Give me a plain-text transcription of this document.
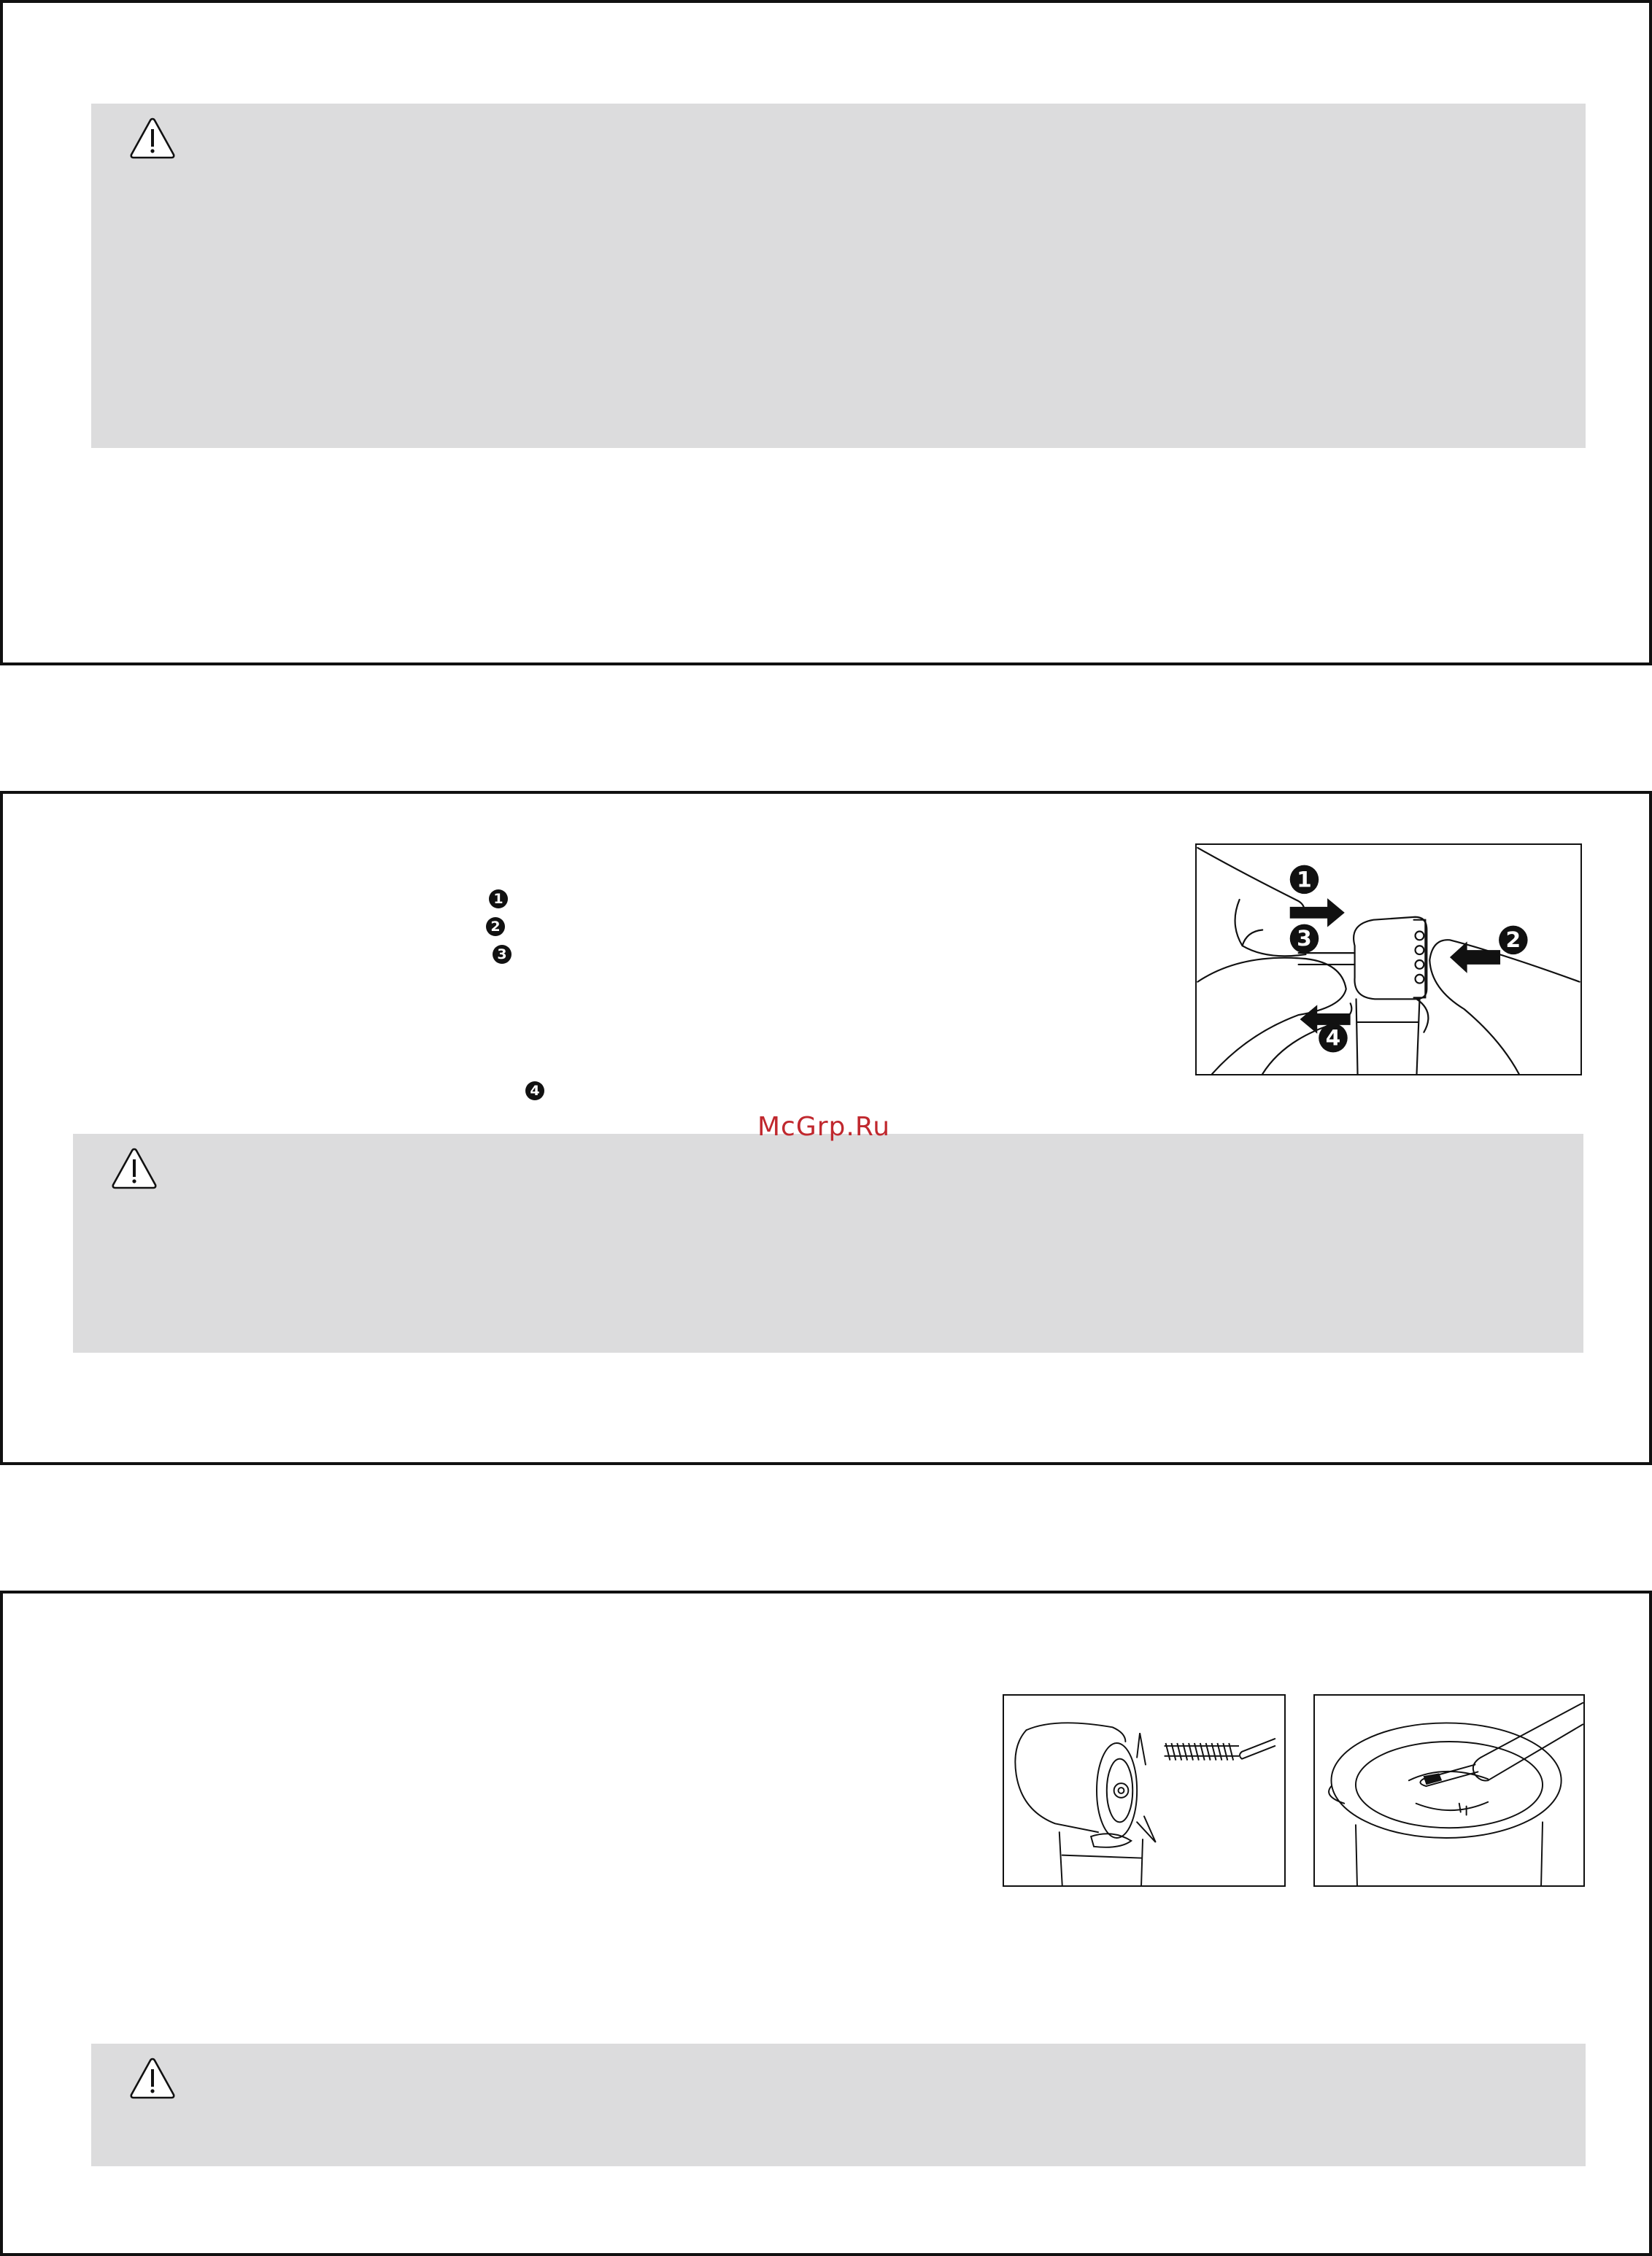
1
2
3
4
1
3	2
4
McGrp.Ru
